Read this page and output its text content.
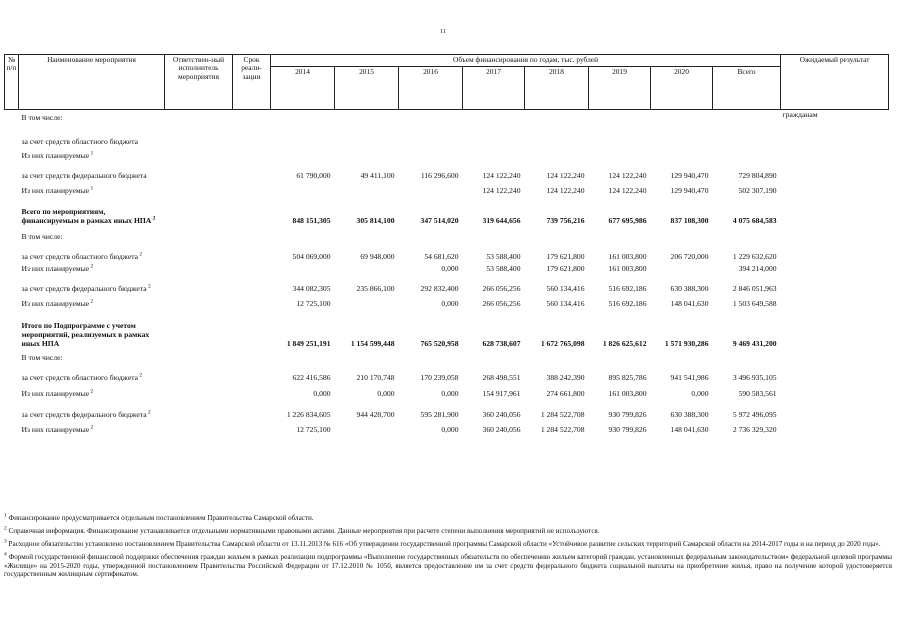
11
№ п/п	Наименование мероприятия	Ответствен-ный исполнитель мероприятия	Срок реали-зации	Объем финансирования по годам, тыс. рублей								Ожидаемый результат
				2014	2015	2016	2017	2018	2019	2020	Всего	
	В том числе:											гражданам
	за счет средств областного бюджета											
	Из них планируемые $^1$											
	за счет средств федерального бюджета			61 790,000	49 411,100	116 296,600	124 122,240	124 122,240	124 122,240	129 940,470	729 804,890	
	Из них планируемые $^1$						124 122,240	124 122,240	124 122,240	129 940,470	502 307,190	
	Всего по мероприятиям, финансируемым в рамках иных НПА $^2$			848 151,305	305 814,100	347 514,020	319 644,656	739 756,216	677 695,986	837 108,300	4 075 684,583	
	В том числе:											
	за счет средств областного бюджета $^2$			504 069,000	69 948,000	54 681,620	53 588,400	179 621,800	161 003,800	206 720,000	1 229 632,620	
	Из них планируемые $^2$					0,000	53 588,400	179 621,800	161 003,800		394 214,000	
	за счет средств федерального бюджета $^2$			344 082,305	235 866,100	292 832,400	266 056,256	560 134,416	516 692,186	630 388,300	2 846 051,963	
	Из них планируемые $^2$			12 725,100		0,000	266 056,256	560 134,416	516 692,186	148 041,630	1 503 649,588	
	Итого по Подпрограмме с учетом мероприятий, реализуемых в рамках иных НПА			1 849 251,191	1 154 599,448	765 520,958	628 738,607	1 672 765,098	1 826 625,612	1 571 930,286	9 469 431,200	
	В том числе:											
	за счет средств областного бюджета $^2$			622 416,586	210 170,748	170 239,058	268 498,551	388 242,390	895 825,786	941 541,986	3 496 935,105	
	Из них планируемые $^2$			0,000	0,000	0,000	154 917,961	274 661,800	161 003,800	0,000	590 583,561	
	за счет средств федерального бюджета $^2$			1 226 834,605	944 428,700	595 281,900	360 240,056	1 284 522,708	930 799,826	630 388,300	5 972 496,095	
	Из них планируемые $^2$			12 725,100		0,000	360 240,056	1 284 522,708	930 799,826	148 041,630	2 736 329,320	

$^1$ Финансирование предусматривается отдельным постановлением Правительства Самарской области.

$^2$ Справочная информация. Финансирование устанавливается отдельными нормативными правовыми актами. Данные мероприятия при расчете степени выполнения мероприятий не используются.

$^3$ Расходное обязательство установлено постановлением Правительства Самарской области от 13.11.2013 № 616 «Об утверждении государственной программы Самарской области «Устойчивое развитие сельских территорий Самарской области на 2014-2017 годы и на период до 2020 года».

$^4$ Формой государственной финансовой поддержки обеспечения граждан жильем в рамках реализации подпрограммы «Выполнение государственных обязательств по обеспечению жильем категорий граждан, установленных федеральным законодательством» федеральной целевой программы «Жилище» на 2015-2020 годы, утвержденной постановлением Правительства Российской Федерации от 17.12.2010 № 1050, является предоставление им за счет средств федерального бюджета социальной выплаты на приобретение жилья, право на получение которой удостоверяется государственным жилищным сертификатом.
